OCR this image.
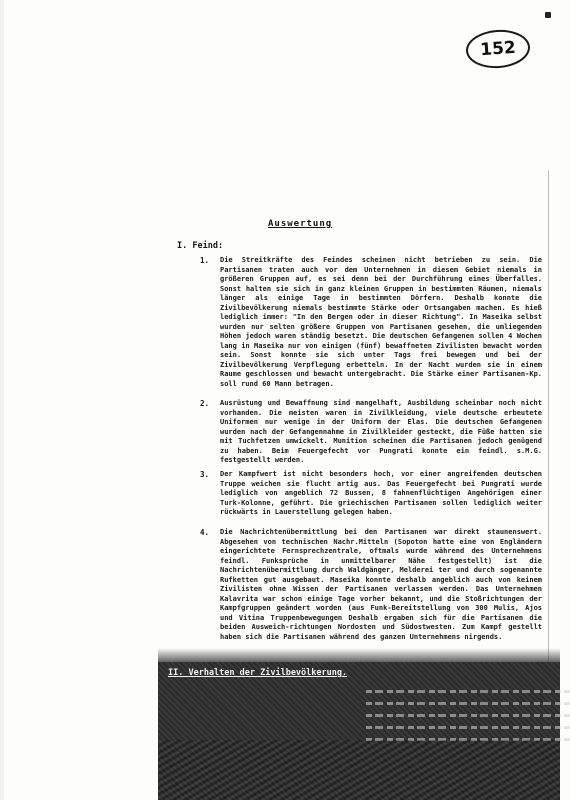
152
Auswertung
I. Feind:
1. Die Streitkräfte des Feindes scheinen nicht betrieben zu sein. Die Partisanen traten auch vor dem Unternehmen in diesem Gebiet niemals in größeren Gruppen auf, es sei denn bei der Durchführung eines Überfalles. Sonst halten sie sich in ganz kleinen Gruppen in bestimmten Räumen, niemals länger als einige Tage in bestimmten Dörfern. Deshalb konnte die Zivilbevölkerung niemals bestimmte Stärke oder Ortsangaben machen. Es hieß lediglich immer: "In den Bergen oder in dieser Richtung". In Maseika selbst wurden nur selten größere Gruppen von Partisanen gesehen, die umliegenden Höhen jedoch waren ständig besetzt. Die deutschen Gefangenen sollen 4 Wochen lang in Maseika nur von einigen (fünf) bewaffneten Zivilisten bewacht worden sein. Sonst konnte sie sich unter Tags frei bewegen und bei der Zivilbevölkerung Verpflegung erbetteln. In der Nacht wurden sie in einem Raume geschlossen und bewacht untergebracht. Die Stärke einer Partisanen-Kp. soll rund 60 Mann betragen.
2. Ausrüstung und Bewaffnung sind mangelhaft, Ausbildung scheinbar noch nicht vorhanden. Die meisten waren in Zivilkleidung, viele deutsche erbeutete Uniformen nur wenige in der Uniform der Elas. Die deutschen Gefangenen wurden nach der Gefangennahme in Zivilkleider gesteckt, die Füße hatten sie mit Tuchfetzen umwickelt. Munition scheinen die Partisanen jedoch genügend zu haben. Beim Feuergefecht vor Pungrati konnte ein feindl. s.M.G. festgestellt werden.
3. Der Kampfwert ist nicht besonders hoch, vor einer angreifenden deutschen Truppe weichen sie flucht artig aus. Das Feuergefecht bei Pungrati wurde lediglich von angeblich 72 Bussen, 8 fahnenflüchtigen Angehörigen einer Turk-Kolonne, geführt. Die griechischen Partisanen sollen lediglich weiter rückwärts in Lauerstellung gelegen haben.
4. Die Nachrichtenübermittlung bei den Partisanen war direkt staunenswert. Abgesehen von technischen Nachr.Mitteln (Sopoton hatte eine von Engländern eingerichtete Fernsprechzentrale, oftmals wurde während des Unternehmens feindl. Funksprüche in unmittelbarer Nähe festgestellt) ist die Nachrichtenübermittlung durch Waldgänger, Melderei ter und durch sogenannte Rufketten gut ausgebaut. Maseika konnte deshalb angeblich auch von keinem Zivilisten ohne Wissen der Partisanen verlassen werden. Das Unternehmen Kalavrita war schon einige Tage vorher bekannt, und die Stoßrichtungen der Kampfgruppen geändert worden (aus Funk-Bereitstellung von 300 Mulis, Ajos und Vitina Truppenbewegungen Deshalb ergaben sich für die Partisanen die beiden Ausweich-richtungen Nordosten und Südostwesten. Zum Kampf gestellt haben sich die Partisanen während des ganzen Unternehmens nirgends.
II. Verhalten der Zivilbevölkerung.
